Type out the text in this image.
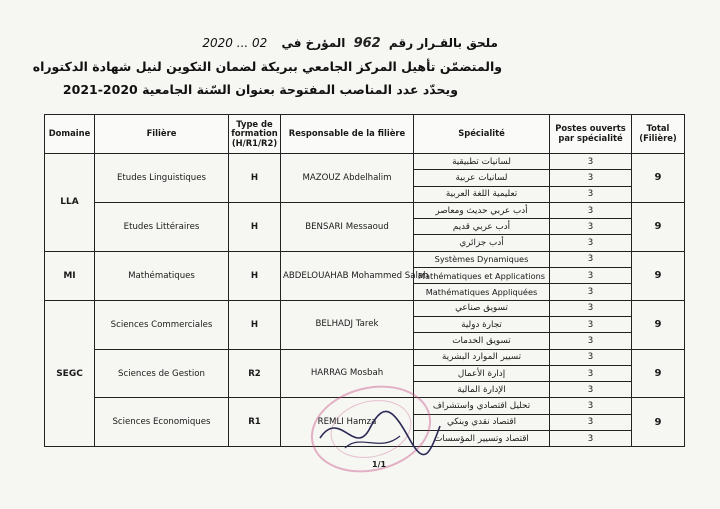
ملحق بالقـرار رقم 962 المؤرخ في 02 ... 2020
والمتضمّن تأهيل المركز الجامعي ببريكة لضمان التكوين لنيل شهادة الدكتوراه
ويحدّد عدد المناصب المفتوحة بعنوان السّنة الجامعية 2020-2021
Domaine	Filière	Type de formation (H/R1/R2)	Responsable de la filière	Spécialité	Postes ouverts par spécialité	Total (Filière)
LLA	Etudes Linguistiques	H	MAZOUZ Abdelhalim	لسانيات تطبيقية	3	9
				لسانيات عربية	3	
				تعليمية اللغة العربية	3	
	Etudes Littéraires	H	BENSARI Messaoud	أدب عربي حديث ومعاصر	3	9
				أدب عربي قديم	3	
				أدب جزائري	3	
MI	Mathématiques	H	ABDELOUAHAB Mohammed Salah	Systèmes Dynamiques	3	9
				Mathématiques et Applications	3	
				Mathématiques Appliquées	3	
SEGC	Sciences Commerciales	H	BELHADJ Tarek	تسويق صناعي	3	9
				تجارة دولية	3	
				تسويق الخدمات	3	
	Sciences de Gestion	R2	HARRAG Mosbah	تسيير الموارد البشرية	3	9
				إدارة الأعمال	3	
				الإدارة المالية	3	
	Sciences Economiques	R1	REMLI Hamza	تحليل اقتصادي واستشراف	3	9
				اقتصاد نقدي وبنكي	3	
				اقتصاد وتسيير المؤسسات	3	
1/1
